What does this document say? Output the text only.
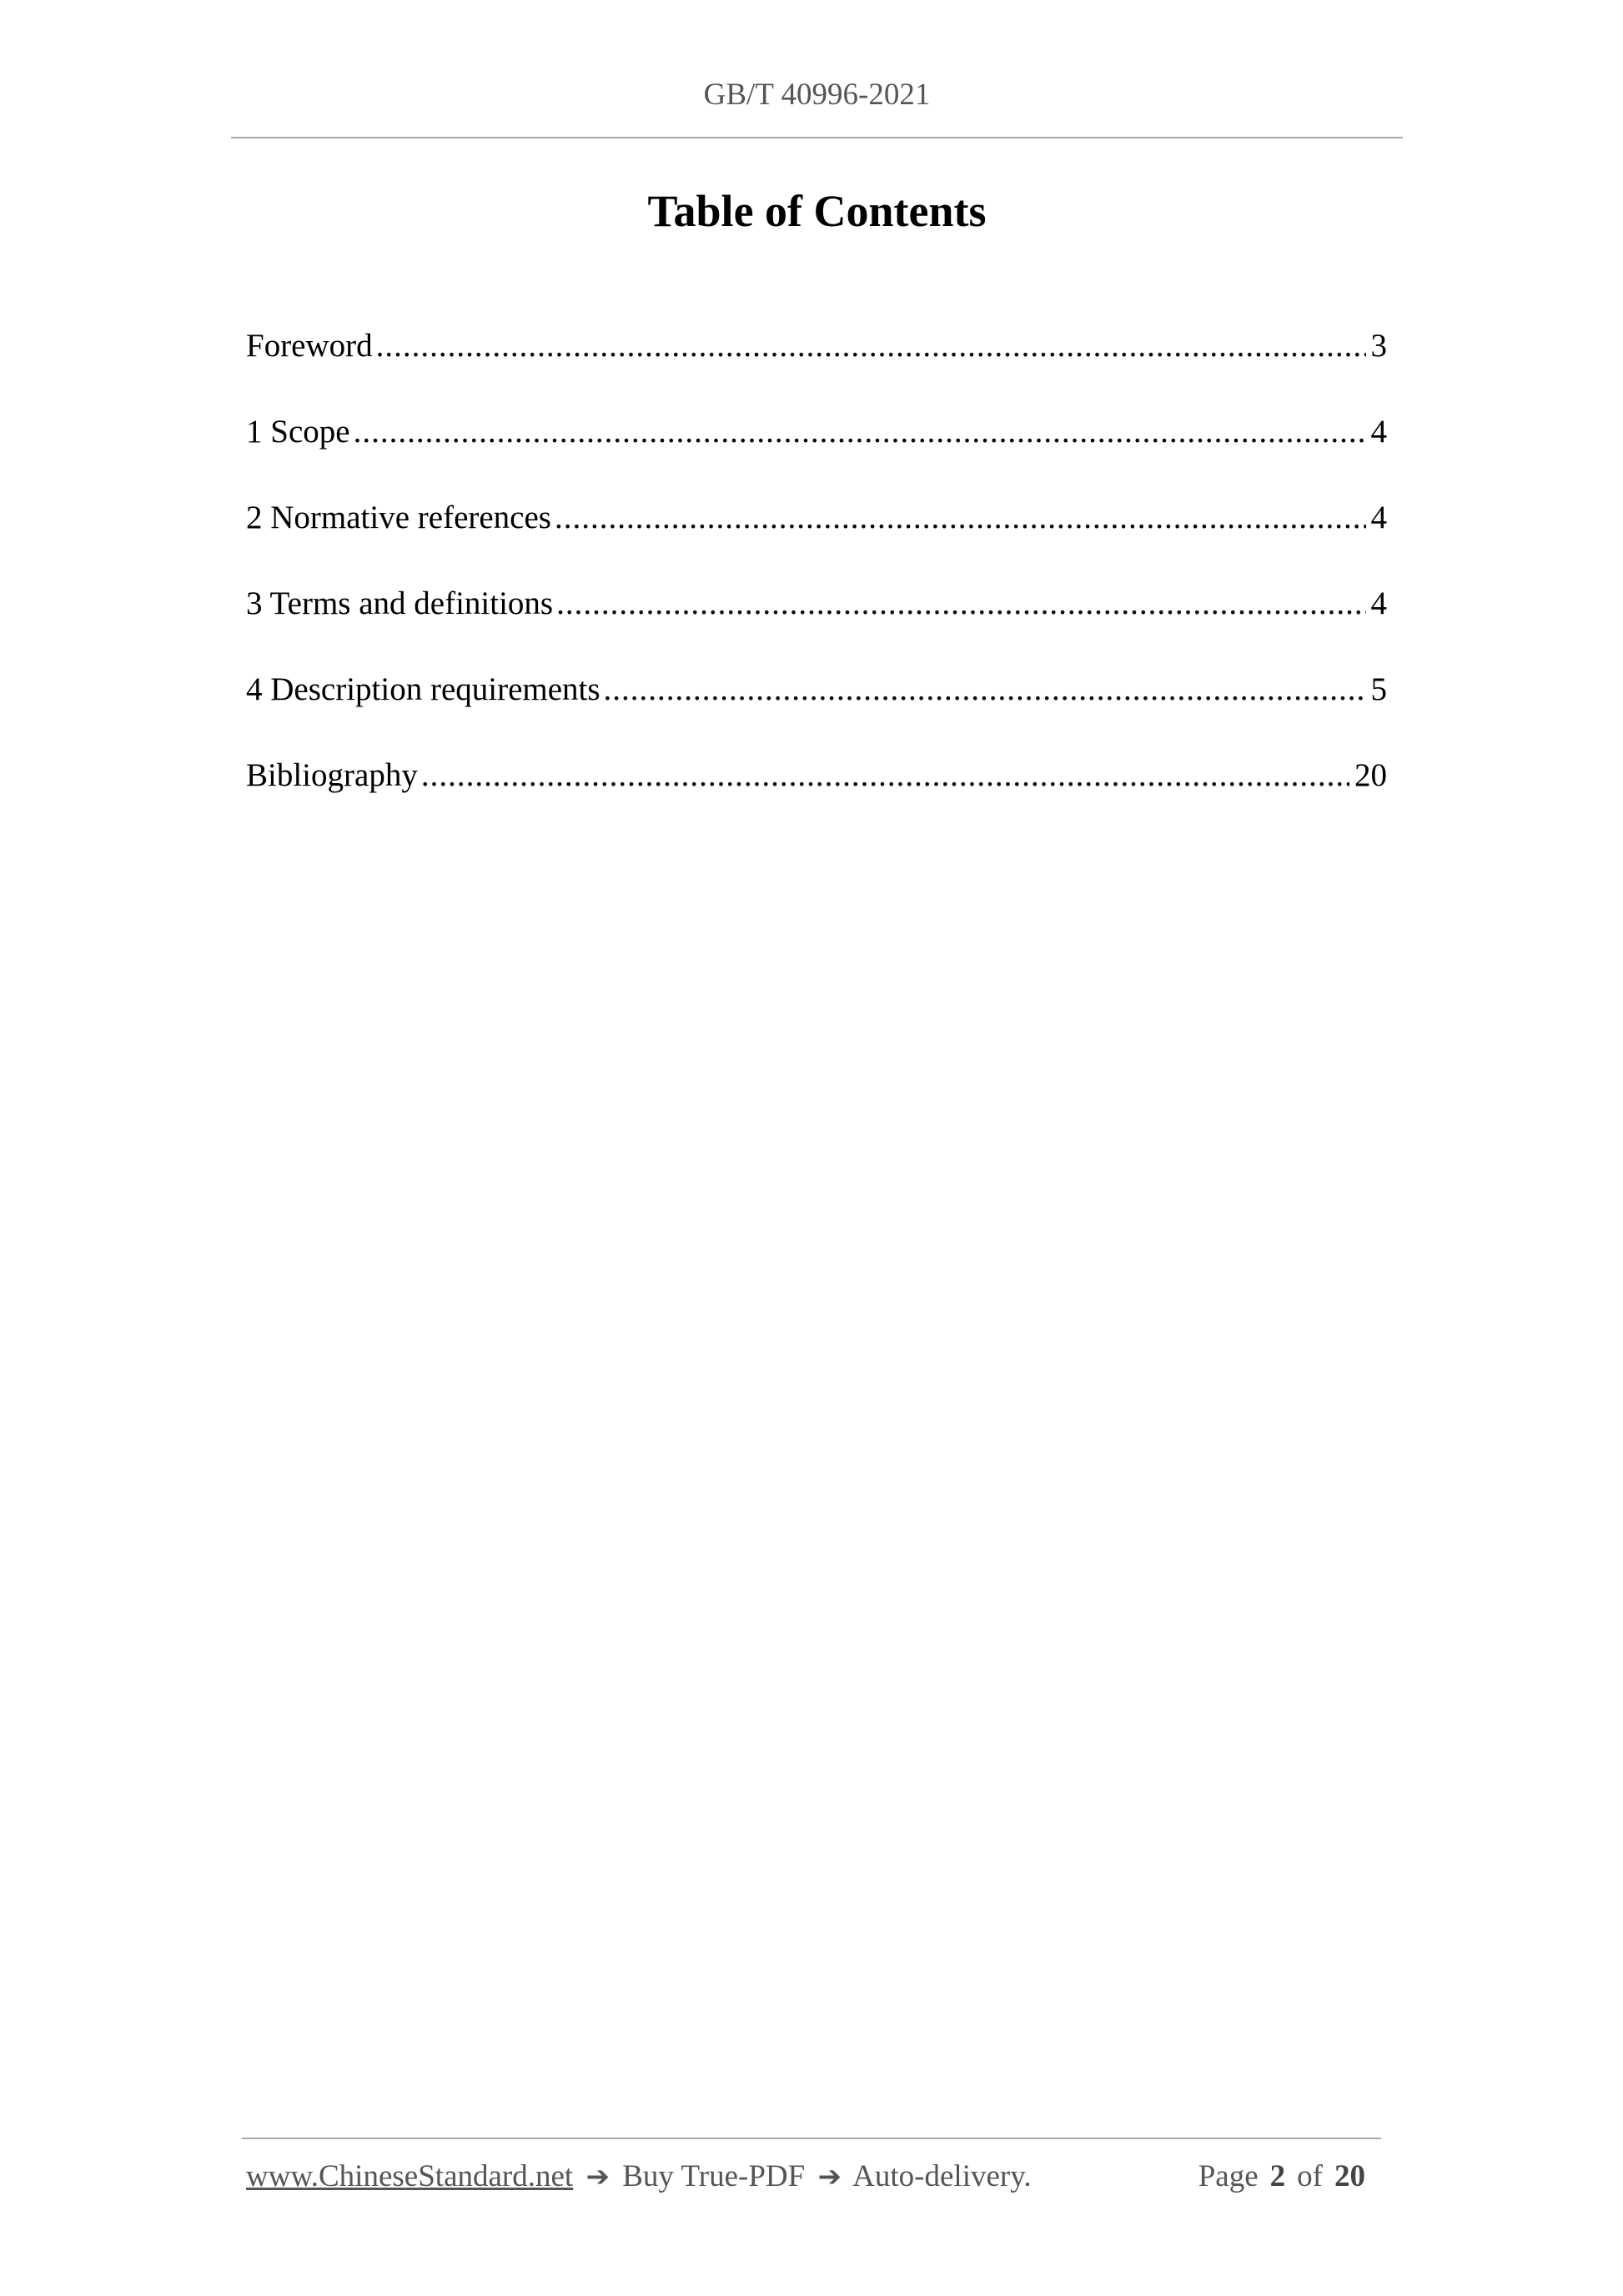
GB/T 40996-2021
Table of Contents
Foreword .....	3
1 Scope .....	4
2 Normative references .....	4
3 Terms and definitions .....	4
4 Description requirements .....	5
Bibliography .....	20
www.ChineseStandard.net ➔ Buy True-PDF ➔ Auto-delivery.	Page 2 of 20
